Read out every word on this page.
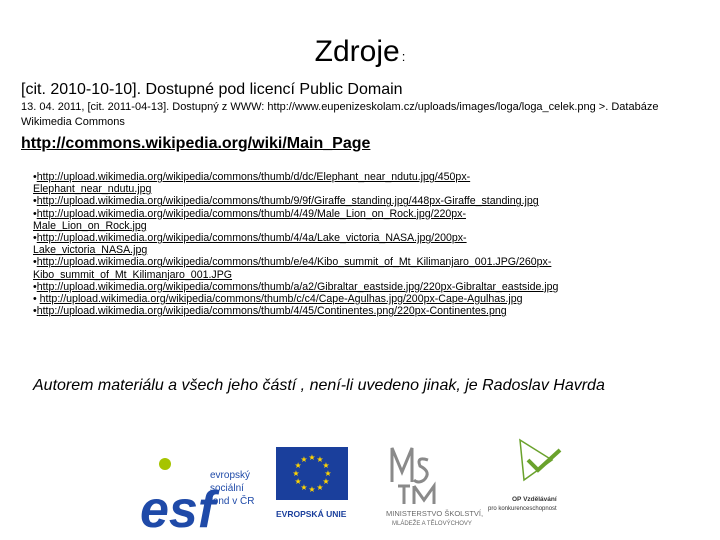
Zdroje :
[cit. 2010-10-10]. Dostupné pod licencí Public Domain
13. 04. 2011, [cit. 2011-04-13]. Dostupný z WWW: http://www.eupenizeskolam.cz/uploads/images/loga/loga_celek.png >. Databáze Wikimedia Commons
http://commons.wikipedia.org/wiki/Main_Page
•http://upload.wikimedia.org/wikipedia/commons/thumb/d/dc/Elephant_near_ndutu.jpg/450px-
Elephant_near_ndutu.jpg
•http://upload.wikimedia.org/wikipedia/commons/thumb/9/9f/Giraffe_standing.jpg/448px-Giraffe_standing.jpg
•http://upload.wikimedia.org/wikipedia/commons/thumb/4/49/Male_Lion_on_Rock.jpg/220px-
Male_Lion_on_Rock.jpg
•http://upload.wikimedia.org/wikipedia/commons/thumb/4/4a/Lake_victoria_NASA.jpg/200px-
Lake_victoria_NASA.jpg
•http://upload.wikimedia.org/wikipedia/commons/thumb/e/e4/Kibo_summit_of_Mt_Kilimanjaro_001.JPG/260px-
Kibo_summit_of_Mt_Kilimanjaro_001.JPG
•http://upload.wikimedia.org/wikipedia/commons/thumb/a/a2/Gibraltar_eastside.jpg/220px-Gibraltar_eastside.jpg
• http://upload.wikimedia.org/wikipedia/commons/thumb/c/c4/Cape-Agulhas.jpg/200px-Cape-Agulhas.jpg
•http://upload.wikimedia.org/wikipedia/commons/thumb/4/45/Continentes.png/220px-Continentes.png
Autorem materiálu a všech jeho částí , není-li uvedeno jinak, je Radoslav Havrda
esf
evropský
sociální
fond v ČR
★ ★
★
★
★
★
★
★
★
★
★
★
EVROPSKÁ UNIE	MINISTERSTVO ŠKOLSTVÍ,
MLÁDEŽE A TĚLOVÝCHOVY
OP Vzdělávání
pro konkurenceschopnost
